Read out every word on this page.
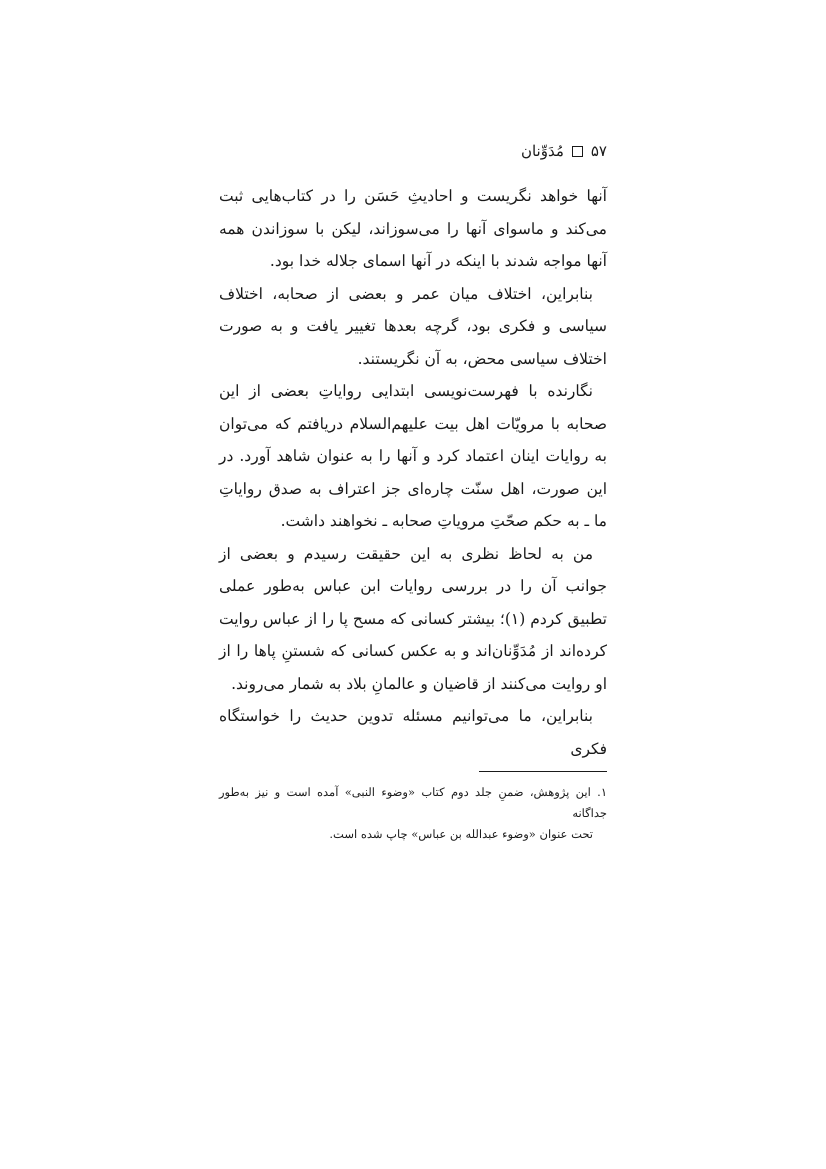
مُدَوِّنان ۵۷

آنها خواهد نگریست و احادیثِ حَسَن را در کتاب‌هایی ثبت می‌کند و ماسوای آنها را می‌سوزاند، لیکن با سوزاندن همه آنها مواجه شدند با اینکه در آنها اسمای جلاله خدا بود.

بنابراین، اختلاف میان عمر و بعضی از صحابه، اختلاف سیاسی و فکری بود، گرچه بعدها تغییر یافت و به صورت اختلاف سیاسی محض، به آن نگریستند.

نگارنده با فهرست‌نویسی ابتدایی روایاتِ بعضی از این صحابه با مرویّات اهل بیت علیهم‌السلام دریافتم که می‌توان به روایات اینان اعتماد کرد و آنها را به عنوان شاهد آورد. در این صورت، اهل سنّت چاره‌ای جز اعتراف به صدق روایاتِ ما ـ به حکم صحّتِ مرویاتِ صحابه ـ نخواهند داشت.

من به لحاظ نظری به این حقیقت رسیدم و بعضی از جوانب آن را در بررسی روایات ابن عباس به‌طور عملی تطبیق کردم (۱)؛ بیشتر کسانی که مسح پا را از عباس روایت کرده‌اند از مُدَوِّنان‌اند و به عکس کسانی که شستنِ پاها را از او روایت می‌کنند از قاضیان و عالمانِ بلاد به شمار می‌روند.

بنابراین، ما می‌توانیم مسئله تدوین حدیث را خواستگاه فکری

۱. این پژوهش، ضمنِ جلد دوم کتاب «وضوء النبی» آمده است و نیز به‌طور جداگانه

تحت عنوان «وضوء عبدالله بن عباس» چاپ شده است.
